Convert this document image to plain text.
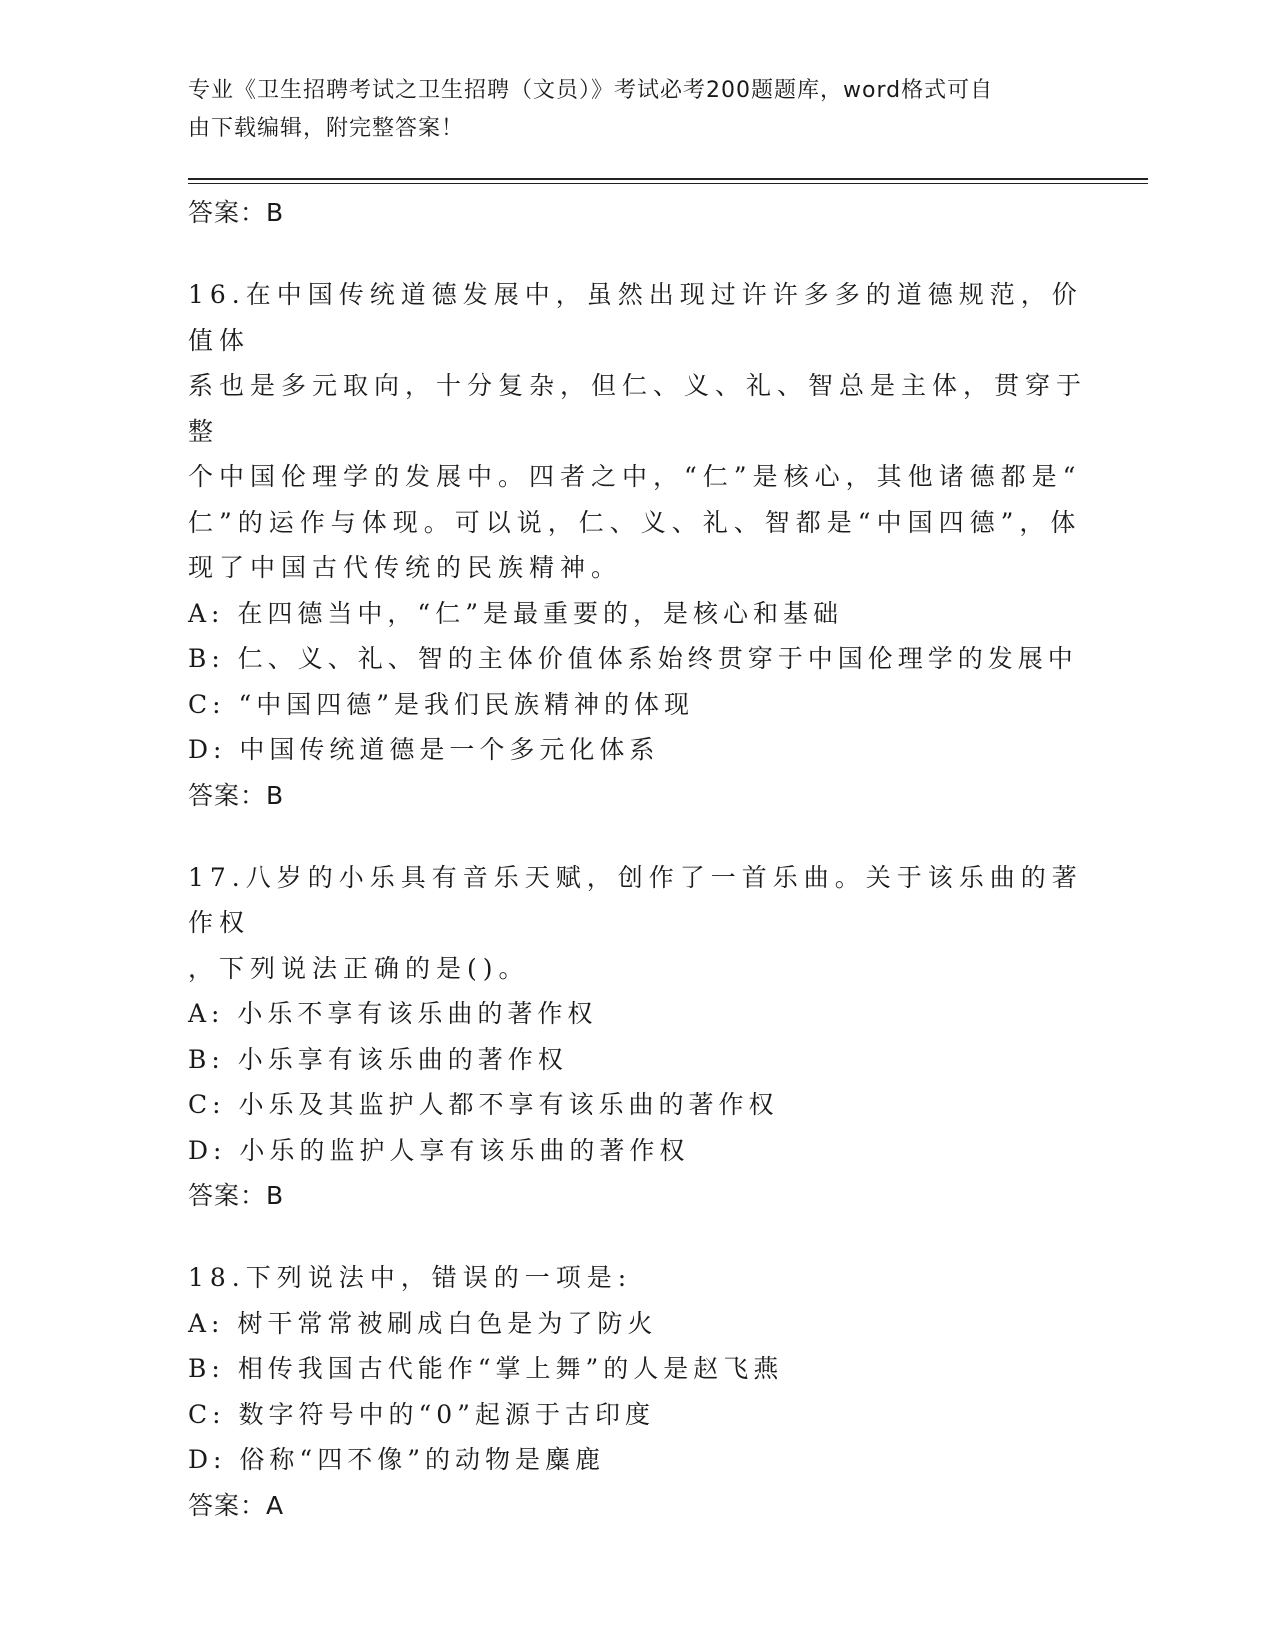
专业《卫生招聘考试之卫生招聘（文员）》考试必考200题题库，word格式可自
由下载编辑，附完整答案！

答案：B

16.在中国传统道德发展中，虽然出现过许许多多的道德规范，价值体

系也是多元取向，十分复杂，但仁、义、礼、智总是主体，贯穿于整

个中国伦理学的发展中。四者之中，“仁”是核心，其他诸德都是“

仁”的运作与体现。可以说，仁、义、礼、智都是“中国四德”，体

现了中国古代传统的民族精神。

A: 在四德当中，“仁”是最重要的，是核心和基础

B: 仁、义、礼、智的主体价值体系始终贯穿于中国伦理学的发展中

C: “中国四德”是我们民族精神的体现

D: 中国传统道德是一个多元化体系

答案：B

17.八岁的小乐具有音乐天赋，创作了一首乐曲。关于该乐曲的著作权

，下列说法正确的是()。

A: 小乐不享有该乐曲的著作权

B: 小乐享有该乐曲的著作权

C: 小乐及其监护人都不享有该乐曲的著作权

D: 小乐的监护人享有该乐曲的著作权

答案：B

18.下列说法中，错误的一项是:

A: 树干常常被刷成白色是为了防火

B: 相传我国古代能作“掌上舞”的人是赵飞燕

C: 数字符号中的“0”起源于古印度

D: 俗称“四不像”的动物是麋鹿

答案：A
